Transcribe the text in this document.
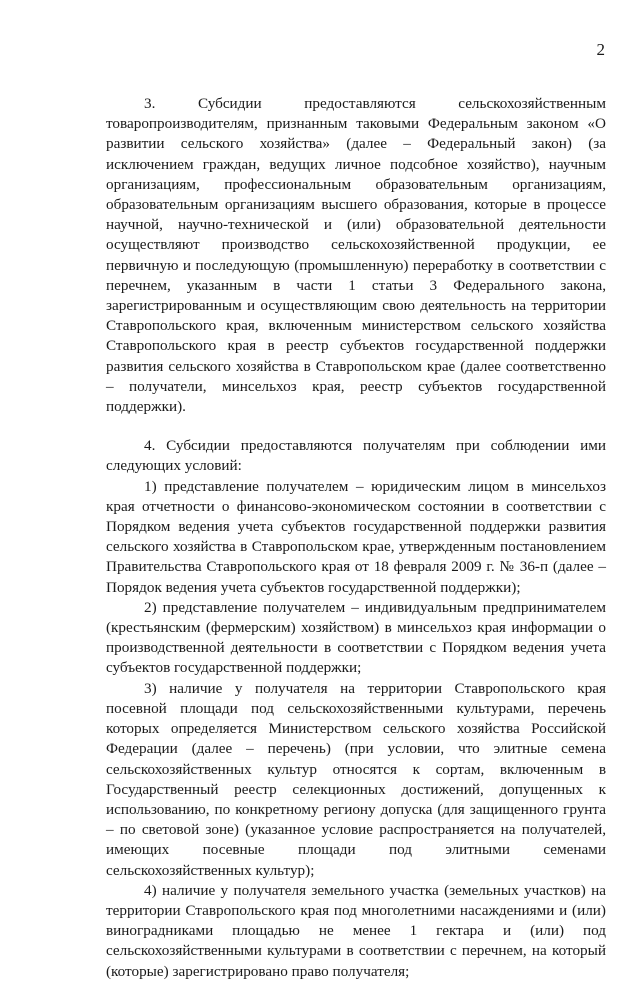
2

3. Субсидии предоставляются сельскохозяйственным товаропроизводителям, признанным таковыми Федеральным законом «О развитии сельского хозяйства» (далее – Федеральный закон) (за исключением граждан, ведущих личное подсобное хозяйство), научным организациям, профессиональным образовательным организациям, образовательным организациям высшего образования, которые в процессе научной, научно-технической и (или) образовательной деятельности осуществляют производство сельскохозяйственной продукции, ее первичную и последующую (промышленную) переработку в соответствии с перечнем, указанным в части 1 статьи 3 Федерального закона, зарегистрированным и осуществляющим свою деятельность на территории Ставропольского края, включенным министерством сельского хозяйства Ставропольского края в реестр субъектов государственной поддержки развития сельского хозяйства в Ставропольском крае (далее соответственно – получатели, минсельхоз края, реестр субъектов государственной поддержки).

4. Субсидии предоставляются получателям при соблюдении ими следующих условий:

1) представление получателем – юридическим лицом в минсельхоз края отчетности о финансово-экономическом состоянии в соответствии с Порядком ведения учета субъектов государственной поддержки развития сельского хозяйства в Ставропольском крае, утвержденным постановлением Правительства Ставропольского края от 18 февраля 2009 г. № 36-п (далее – Порядок ведения учета субъектов государственной поддержки);

2) представление получателем – индивидуальным предпринимателем (крестьянским (фермерским) хозяйством) в минсельхоз края информации о производственной деятельности в соответствии с Порядком ведения учета субъектов государственной поддержки;

3) наличие у получателя на территории Ставропольского края посевной площади под сельскохозяйственными культурами, перечень которых определяется Министерством сельского хозяйства Российской Федерации (далее – перечень) (при условии, что элитные семена сельскохозяйственных культур относятся к сортам, включенным в Государственный реестр селекционных достижений, допущенных к использованию, по конкретному региону допуска (для защищенного грунта – по световой зоне) (указанное условие распространяется на получателей, имеющих посевные площади под элитными семенами сельскохозяйственных культур);

4) наличие у получателя земельного участка (земельных участков) на территории Ставропольского края под многолетними насаждениями и (или) виноградниками площадью не менее 1 гектара и (или) под сельскохозяйственными культурами в соответствии с перечнем, на который (которые) зарегистрировано право получателя;
